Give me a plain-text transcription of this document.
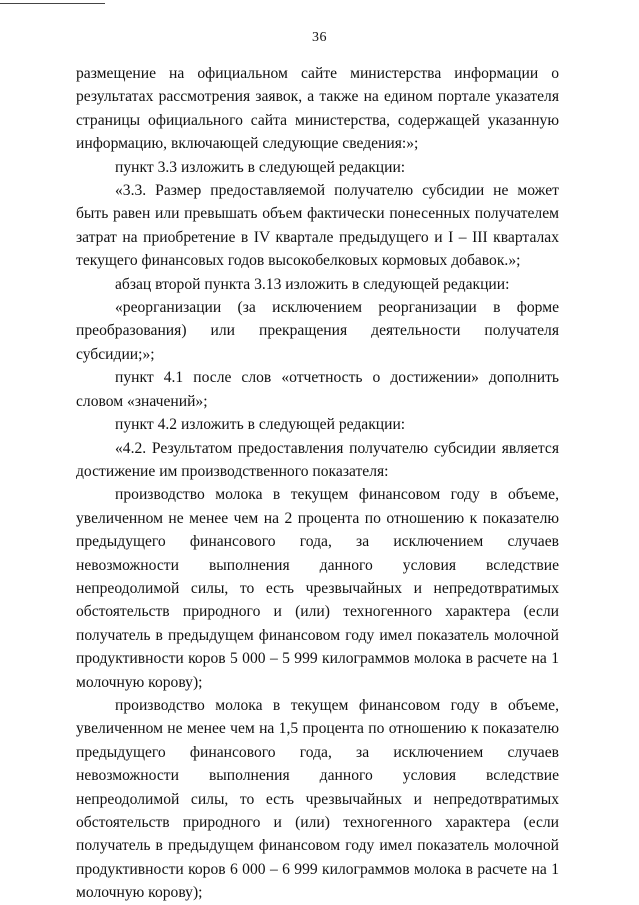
36

размещение на официальном сайте министерства информации о результатах рассмотрения заявок, а также на едином портале указателя страницы официального сайта министерства, содержащей указанную информацию, включающей следующие сведения:»;

пункт 3.3 изложить в следующей редакции:

«3.3. Размер предоставляемой получателю субсидии не может быть равен или превышать объем фактически понесенных получателем затрат на приобретение в IV квартале предыдущего и I – III кварталах текущего финансовых годов высокобелковых кормовых добавок.»;

абзац второй пункта 3.13 изложить в следующей редакции:

«реорганизации (за исключением реорганизации в форме преобразования) или прекращения деятельности получателя субсидии;»;

пункт 4.1 после слов «отчетность о достижении» дополнить словом «значений»;

пункт 4.2 изложить в следующей редакции:

«4.2. Результатом предоставления получателю субсидии является достижение им производственного показателя:

производство молока в текущем финансовом году в объеме, увеличенном не менее чем на 2 процента по отношению к показателю предыдущего финансового года, за исключением случаев невозможности выполнения данного условия вследствие непреодолимой силы, то есть чрезвычайных и непредотвратимых обстоятельств природного и (или) техногенного характера (если получатель в предыдущем финансовом году имел показатель молочной продуктивности коров 5 000 – 5 999 килограммов молока в расчете на 1 молочную корову);

производство молока в текущем финансовом году в объеме, увеличенном не менее чем на 1,5 процента по отношению к показателю предыдущего финансового года, за исключением случаев невозможности выполнения данного условия вследствие непреодолимой силы, то есть чрезвычайных и непредотвратимых обстоятельств природного и (или) техногенного характера (если получатель в предыдущем финансовом году имел показатель молочной продуктивности коров 6 000 – 6 999 килограммов молока в расчете на 1 молочную корову);
